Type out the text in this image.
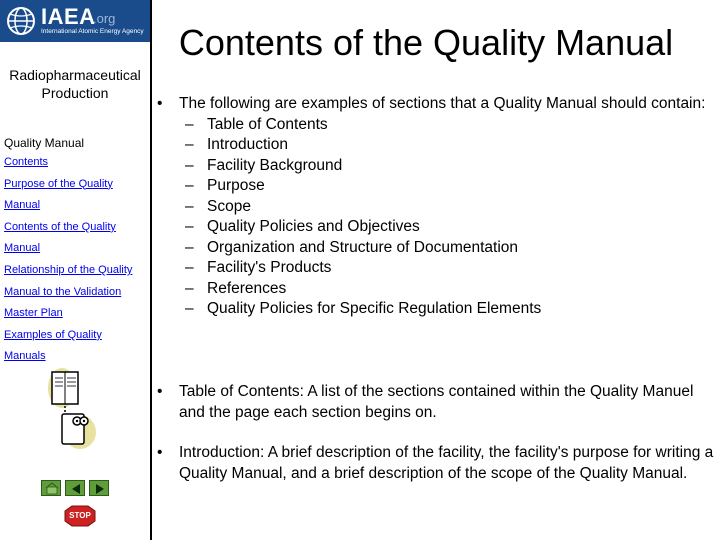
IAEA
.org
International Atomic Energy Agency
Radiopharmaceutical Production
Quality Manual
Contents
Purpose of the Quality
Manual
Contents of the Quality
Manual
Relationship of the Quality
Manual to the Validation
Master Plan
Examples of Quality
Manuals
STOP
Contents of the Quality Manual
• The following are examples of sections that a Quality Manual should contain:
– Table of Contents
– Introduction
– Facility Background
– Purpose
– Scope
– Quality Policies and Objectives
– Organization and Structure of Documentation
– Facility's Products
– References
– Quality Policies for Specific Regulation Elements
• Table of Contents: A list of the sections contained within the Quality Manuel and the page each section begins on.
• Introduction: A brief description of the facility, the facility's purpose for writing a Quality Manual, and a brief description of the scope of the Quality Manual.
